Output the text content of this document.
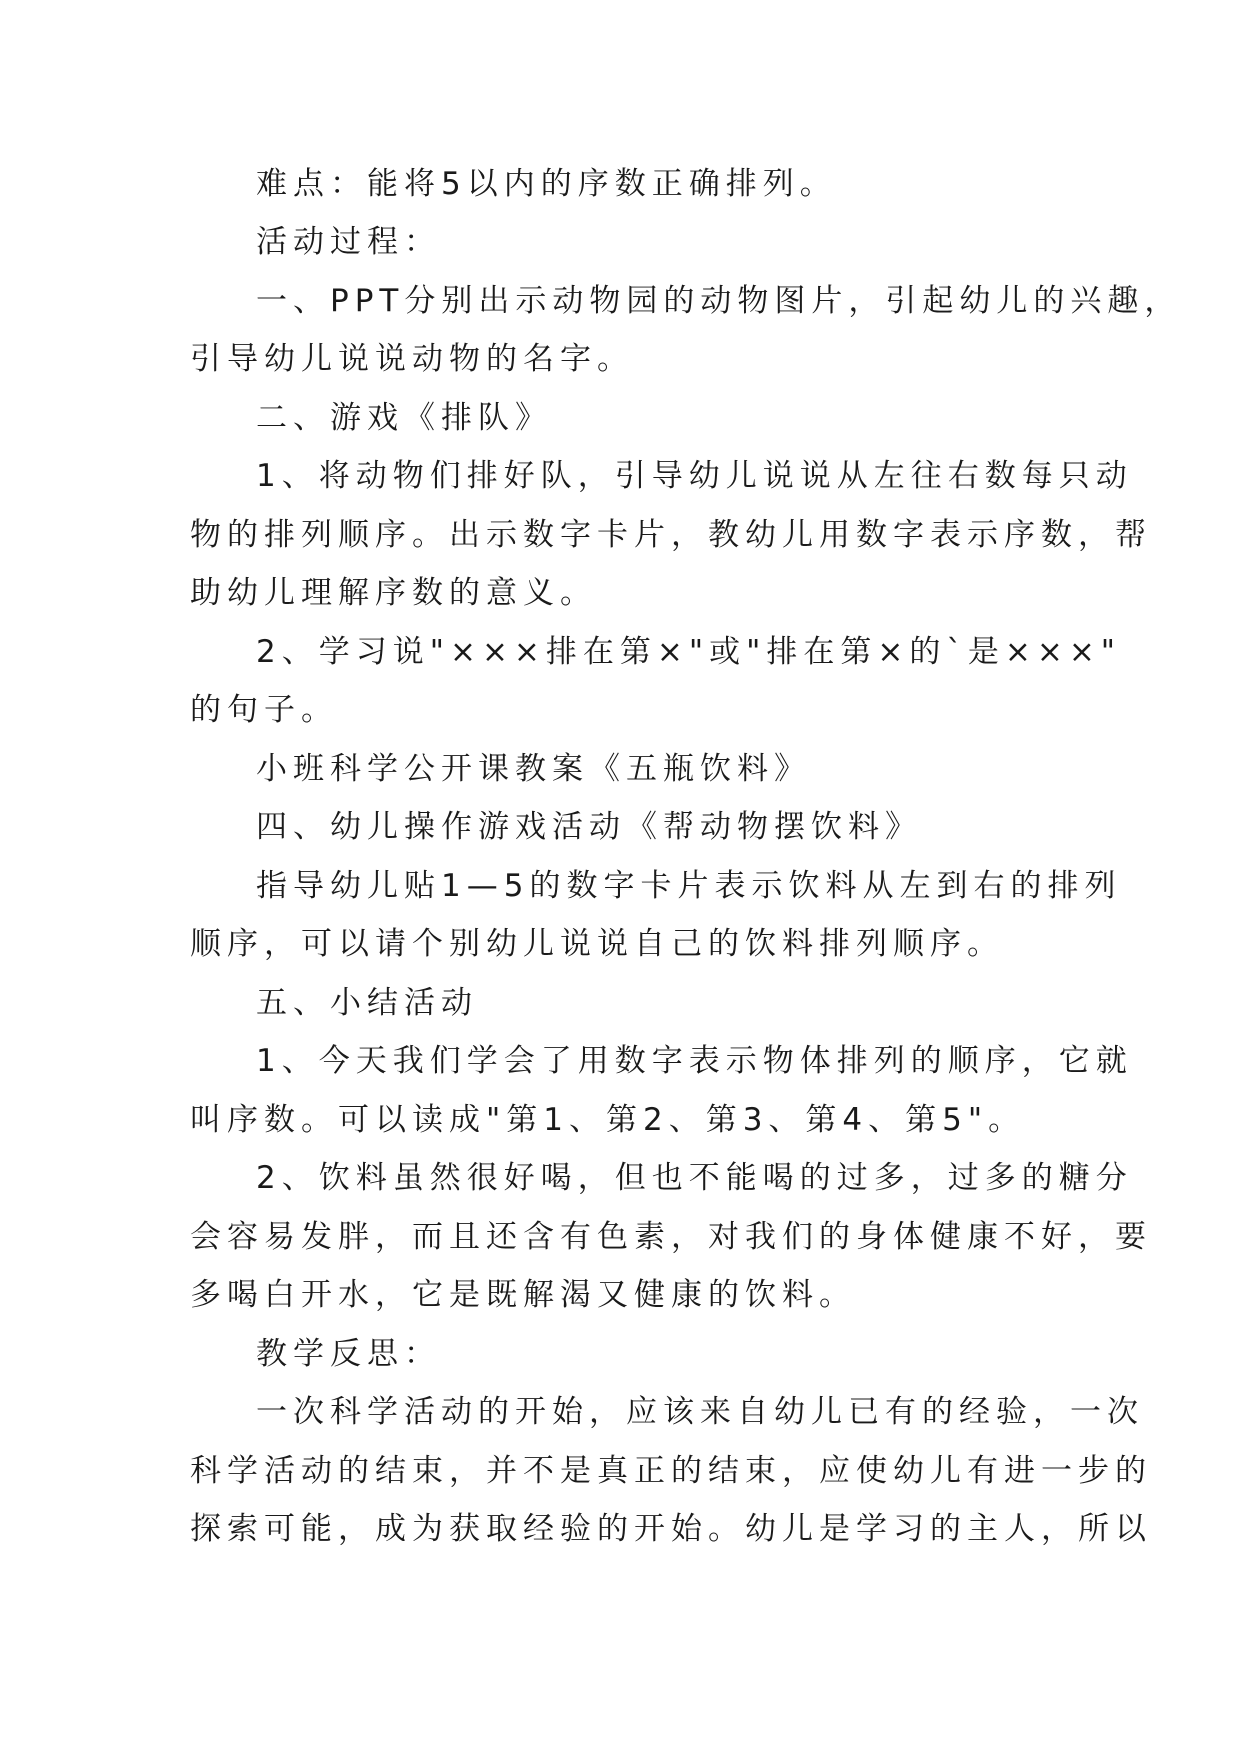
难点：能将5以内的序数正确排列。
活动过程：
一、PPT分别出示动物园的动物图片，引起幼儿的兴趣，
引导幼儿说说动物的名字。
二、游戏《排队》
1、将动物们排好队，引导幼儿说说从左往右数每只动
物的排列顺序。出示数字卡片，教幼儿用数字表示序数，帮
助幼儿理解序数的意义。
2、学习说"×××排在第×"或"排在第×的`是×××"
的句子。
小班科学公开课教案《五瓶饮料》
四、幼儿操作游戏活动《帮动物摆饮料》
指导幼儿贴1—5的数字卡片表示饮料从左到右的排列
顺序，可以请个别幼儿说说自己的饮料排列顺序。
五、小结活动
1、今天我们学会了用数字表示物体排列的顺序，它就
叫序数。可以读成"第1、第2、第3、第4、第5"。
2、饮料虽然很好喝，但也不能喝的过多，过多的糖分
会容易发胖，而且还含有色素，对我们的身体健康不好，要
多喝白开水，它是既解渴又健康的饮料。
教学反思：
一次科学活动的开始，应该来自幼儿已有的经验，一次
科学活动的结束，并不是真正的结束，应使幼儿有进一步的
探索可能，成为获取经验的开始。幼儿是学习的主人，所以
